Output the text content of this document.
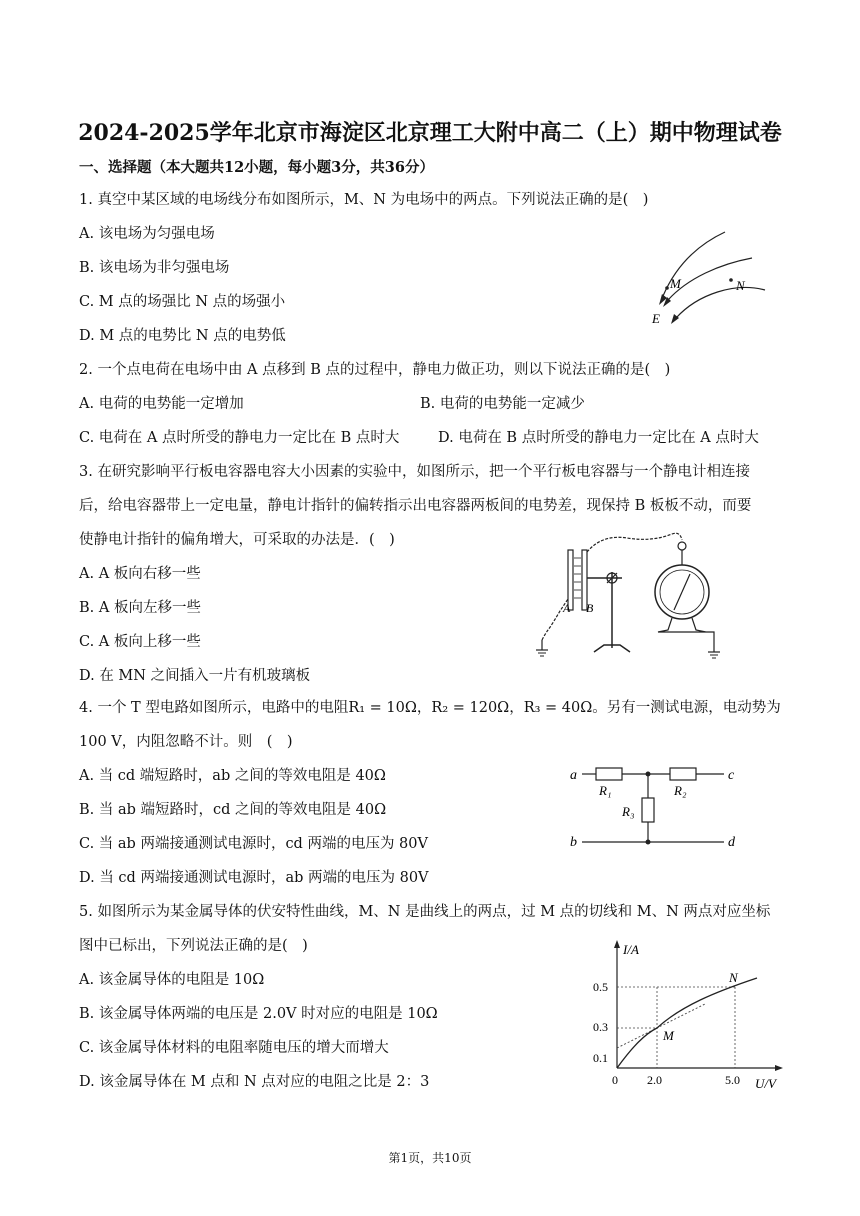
2024-2025学年北京市海淀区北京理工大附中高二（上）期中物理试卷
一、选择题（本大题共12小题，每小题3分，共36分）
1. 真空中某区域的电场线分布如图所示，M、N 为电场中的两点。下列说法正确的是(　)
A. 该电场为匀强电场
B. 该电场为非匀强电场
C. M 点的场强比 N 点的场强小
D. M 点的电势比 N 点的电势低
2. 一个点电荷在电场中由 A 点移到 B 点的过程中，静电力做正功，则以下说法正确的是(　)
A. 电荷的电势能一定增加	B. 电荷的电势能一定减少
C. 电荷在 A 点时所受的静电力一定比在 B 点时大	D. 电荷在 B 点时所受的静电力一定比在 A 点时大
3. 在研究影响平行板电容器电容大小因素的实验中，如图所示，把一个平行板电容器与一个静电计相连接
后，给电容器带上一定电量，静电计指针的偏转指示出电容器两板间的电势差，现保持 B 板板不动，而要
使静电计指针的偏角增大，可采取的办法是．(　)
A. A 板向右移一些
B. A 板向左移一些
C. A 板向上移一些
D. 在 MN 之间插入一片有机玻璃板
4. 一个 T 型电路如图所示，电路中的电阻R₁ = 10Ω，R₂ = 120Ω，R₃ = 40Ω。另有一测试电源，电动势为
100 V，内阻忽略不计。则　(　)
A. 当 cd 端短路时，ab 之间的等效电阻是 40Ω
B. 当 ab 端短路时，cd 之间的等效电阻是 40Ω
C. 当 ab 两端接通测试电源时，cd 两端的电压为 80V
D. 当 cd 两端接通测试电源时，ab 两端的电压为 80V
5. 如图所示为某金属导体的伏安特性曲线，M、N 是曲线上的两点，过 M 点的切线和 M、N 两点对应坐标
图中已标出，下列说法正确的是(　)
A. 该金属导体的电阻是 10Ω
B. 该金属导体两端的电压是 2.0V 时对应的电阻是 10Ω
C. 该金属导体材料的电阻率随电压的增大而增大
D. 该金属导体在 M 点和 N 点对应的电阻之比是 2：3
M	N
E
A B
a	c
b	d
R₁	R₂
R₃
I/A
U/V
0
0.5
0.3
0.1
2.0	5.0
M
N
第1页，共10页
